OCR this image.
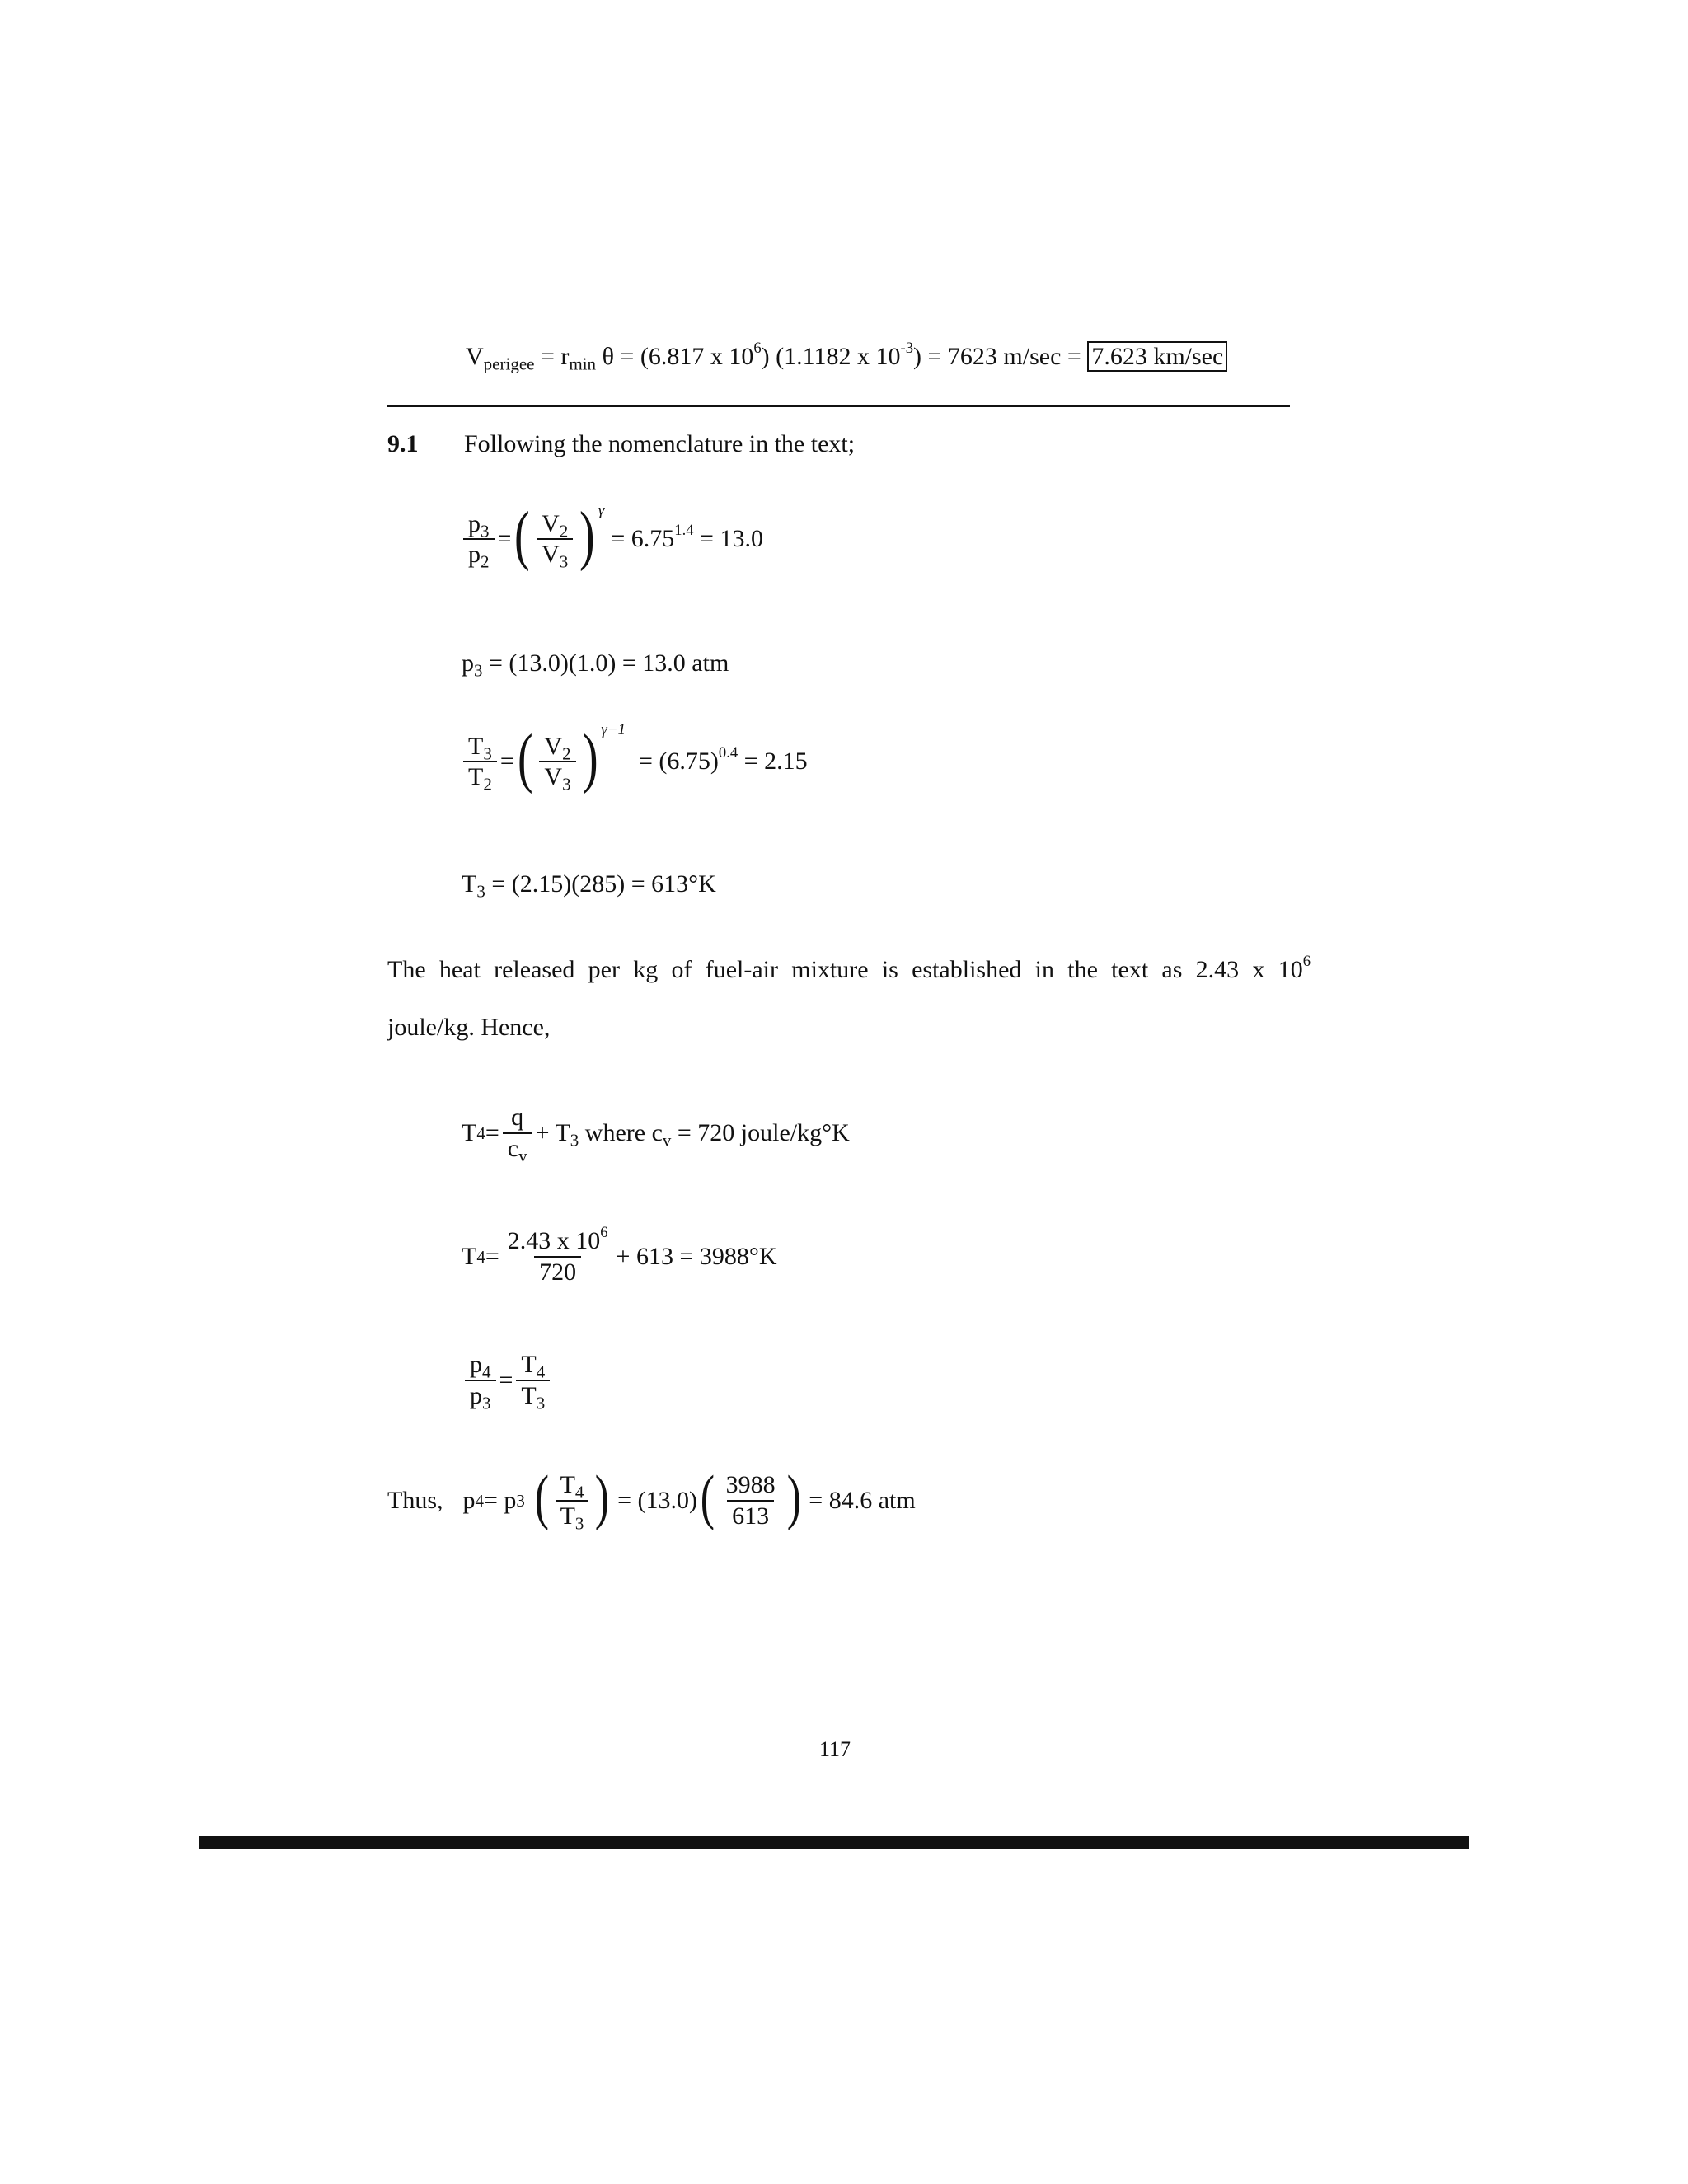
$V_{perigee} = r_{min}$ θ = (6.817 x $10^6$) (1.1182 x $10^{-3}) = 7623$ m/sec = 7.623 km/sec
9.1 Following the nomenclature in the text;
$\frac{p_3}{p_2}$ = ( $\frac{V_2}{V_3}$ ) γ
= $6.75^{1.4} = 13.0$
$p_3 = (13.0)(1.0) = 13.0$ atm
$\frac{T_3}{T_2}$ = ( $\frac{V_2}{V_3}$ ) γ−1
= $(6.75)^{0.4} = 2.15$
$T_3 = (2.15)(285) = 613^\circ K$
The heat released per kg of fuel-air mixture is established in the text as 2.43 x $10^6$
joule/kg. Hence,
T $4 = \frac{q}{c_v} + T_3$ where $c_v = 720$ joule/kg°K
T $4 = \frac{2.43 x 10^6}{720} + 613 = 3988^\circ K$
$\frac{p_4}{p_3} = \frac{T_4}{T_3}$
Thus, p 4 = p 3 ( $\frac{T_4}{T_3}$ ) = (13.0) ( $\frac{3988}{613}$ ) = 84.6 atm
117
